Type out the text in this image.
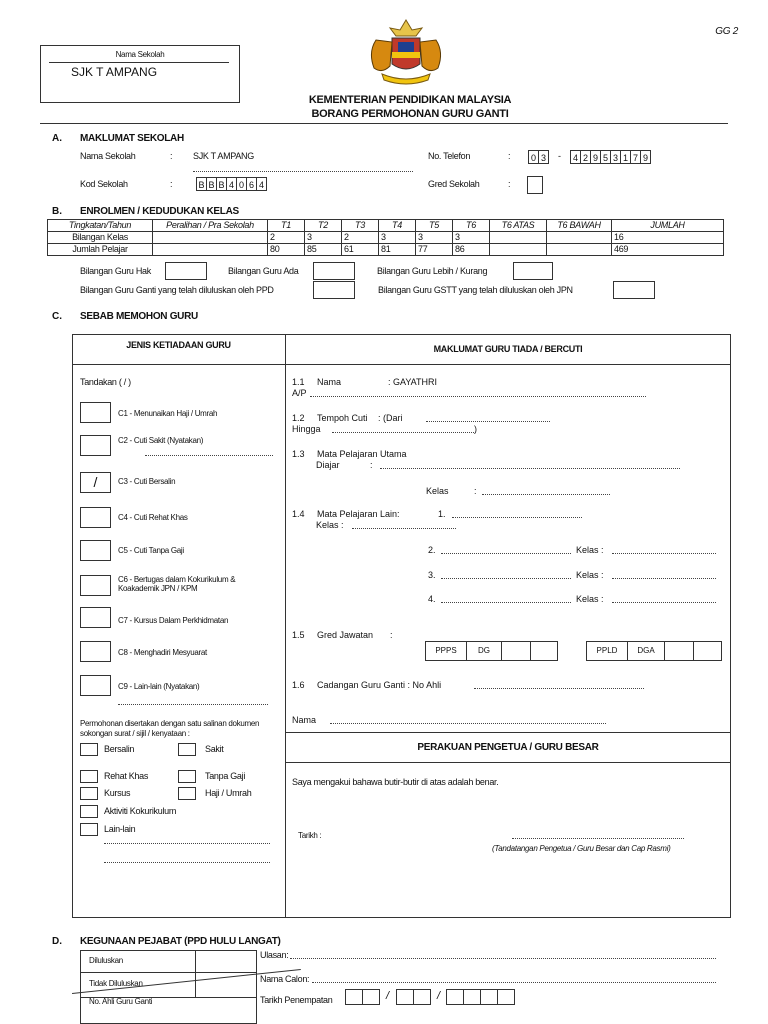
GG 2
Nama Sekolah
SJK T AMPANG
KEMENTERIAN PENDIDIKAN MALAYSIA
BORANG PERMOHONAN GURU GANTI
A. MAKLUMAT SEKOLAH
Nama Sekolah	: SJK T AMPANG	No. Telefon	:	0 3 -	4 2 9 5 3 1 7 9
Kod Sekolah	:	B B B 4 0 6 4	Gred Sekolah	:
B. ENROLMEN / KEDUDUKAN KELAS
Tingkatan/Tahun	Peralihan / Pra Sekolah	T1	T2	T3	T4	T5	T6	T6 ATAS	T6 BAWAH	JUMLAH
Bilangan Kelas		2	3	2	3	3	3			16
Jumlah Pelajar		80	85	61	81	77	86			469
Bilangan Guru Hak	Bilangan Guru Ada	Bilangan Guru Lebih / Kurang
Bilangan Guru Ganti yang telah diluluskan oleh PPD	Bilangan Guru GSTT yang telah diluluskan oleh JPN
C. SEBAB MEMOHON GURU
JENIS KETIADAAN GURU	MAKLUMAT GURU TIADA / BERCUTI
Tandakan ( / )
C1 - Menunaikan Haji / Umrah
C2 - Cuti Sakit (Nyatakan)
/	C3 - Cuti Bersalin
C4 - Cuti Rehat Khas
C5 - Cuti Tanpa Gaji
C6 - Bertugas dalam Kokurikulum & Koakademik JPN / KPM
C7 - Kursus Dalam Perkhidmatan
C8 - Menghadiri Mesyuarat
C9 - Lain-lain (Nyatakan)
Permohonan disertakan dengan satu salinan dokumen sokongan surat / sijil / kenyataan :
Bersalin	Sakit
Rehat Khas	Tanpa Gaji
Kursus	Haji / Umrah
Aktiviti Kokurikulum
Lain-lain
1.1 Nama	: GAYATHRI
A/P
1.2 Tempoh Cuti : (Dari
Hingga	)
1.3 Mata Pelajaran Utama
Diajar	:
Kelas	:
1.4 Mata Pelajaran Lain:	1.
Kelas :
2.	Kelas :
3.	Kelas :
4.	Kelas :
1.5 Gred Jawatan :
PPPS	DG	PPLD	DGA
1.6 Cadangan Guru Ganti : No Ahli
Nama
PERAKUAN PENGETUA / GURU BESAR
Saya mengakui bahawa butir-butir di atas adalah benar.
Tarikh :
(Tandatangan Pengetua / Guru Besar dan Cap Rasmi)
D. KEGUNAAN PEJABAT (PPD HULU LANGAT)
Diluluskan
Tidak Diluluskan
No. Ahli Guru Ganti
Ulasan:
Nama Calon:
Tarikh Penempatan	/	/
